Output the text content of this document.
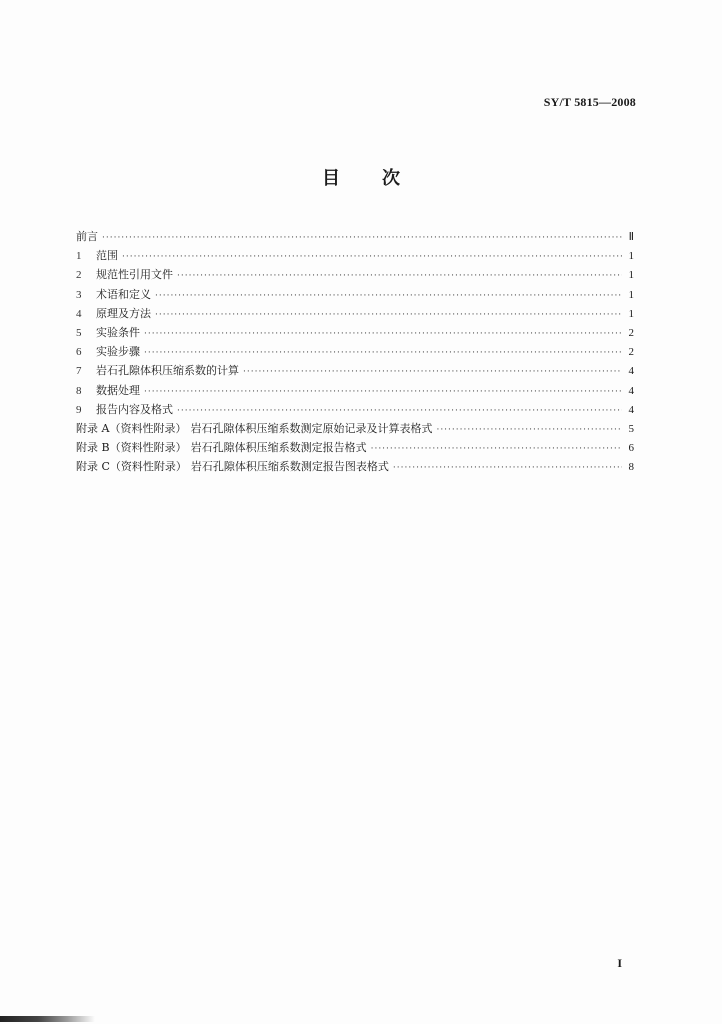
SY/T 5815—2008
目次
前言 ·····	Ⅱ
1	范围 ·····	1
2	规范性引用文件 ·····	1
3	术语和定义 ·····	1
4	原理及方法 ·····	1
5	实验条件 ·····	2
6	实验步骤 ·····	2
7	岩石孔隙体积压缩系数的计算 ·····	4
8	数据处理 ·····	4
9	报告内容及格式 ·····	4
附录 A（资料性附录） 岩石孔隙体积压缩系数测定原始记录及计算表格式 ·····	5
附录 B（资料性附录） 岩石孔隙体积压缩系数测定报告格式 ·····	6
附录 C（资料性附录） 岩石孔隙体积压缩系数测定报告图表格式 ·····	8
I
